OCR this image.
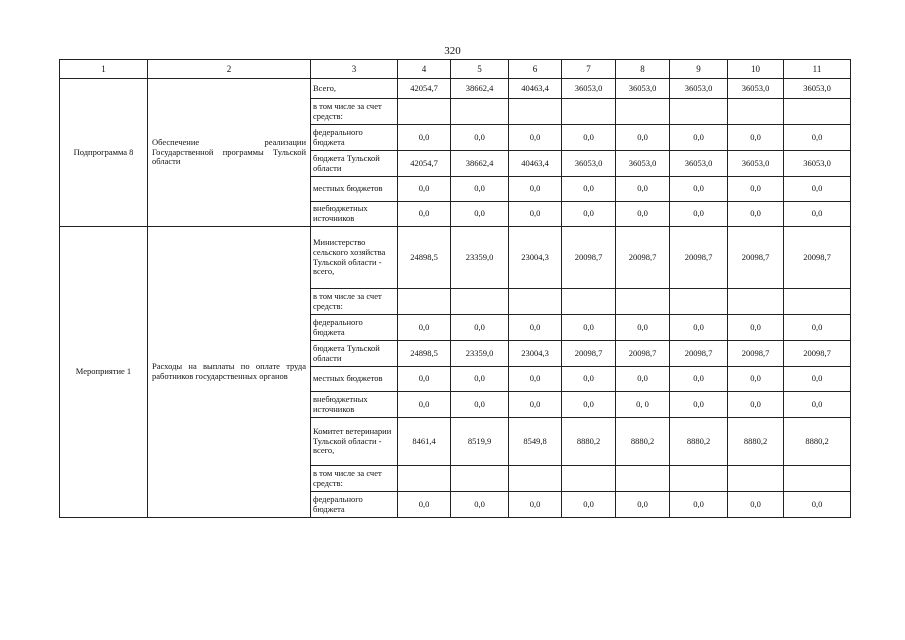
320
1	2	3	4	5	6	7	8	9	10	11
Подпрограмма 8	Обеспечение реализации Государственной программы Тульской области	Всего,	42054,7	38662,4	40463,4	36053,0	36053,0	36053,0	36053,0	36053,0
		в том числе за счет средств:								
		федерального бюджета	0,0	0,0	0,0	0,0	0,0	0,0	0,0	0,0
		бюджета Тульской области	42054,7	38662,4	40463,4	36053,0	36053,0	36053,0	36053,0	36053,0
		местных бюджетов	0,0	0,0	0,0	0,0	0,0	0,0	0,0	0,0
		внебюджетных источников	0,0	0,0	0,0	0,0	0,0	0,0	0,0	0,0
Мероприятие 1	Расходы на выплаты по оплате труда работников государственных органов	Министерство сельского хозяйства Тульской области - всего,	24898,5	23359,0	23004,3	20098,7	20098,7	20098,7	20098,7	20098,7
		в том числе за счет средств:								
		федерального бюджета	0,0	0,0	0,0	0,0	0,0	0,0	0,0	0,0
		бюджета Тульской области	24898,5	23359,0	23004,3	20098,7	20098,7	20098,7	20098,7	20098,7
		местных бюджетов	0,0	0,0	0,0	0,0	0,0	0,0	0,0	0,0
		внебюджетных источников	0,0	0,0	0,0	0,0	0, 0	0,0	0,0	0,0
		Комитет ветеринарии Тульской области - всего,	8461,4	8519,9	8549,8	8880,2	8880,2	8880,2	8880,2	8880,2
		в том числе за счет средств:								
		федерального бюджета	0,0	0,0	0,0	0,0	0,0	0,0	0,0	0,0
